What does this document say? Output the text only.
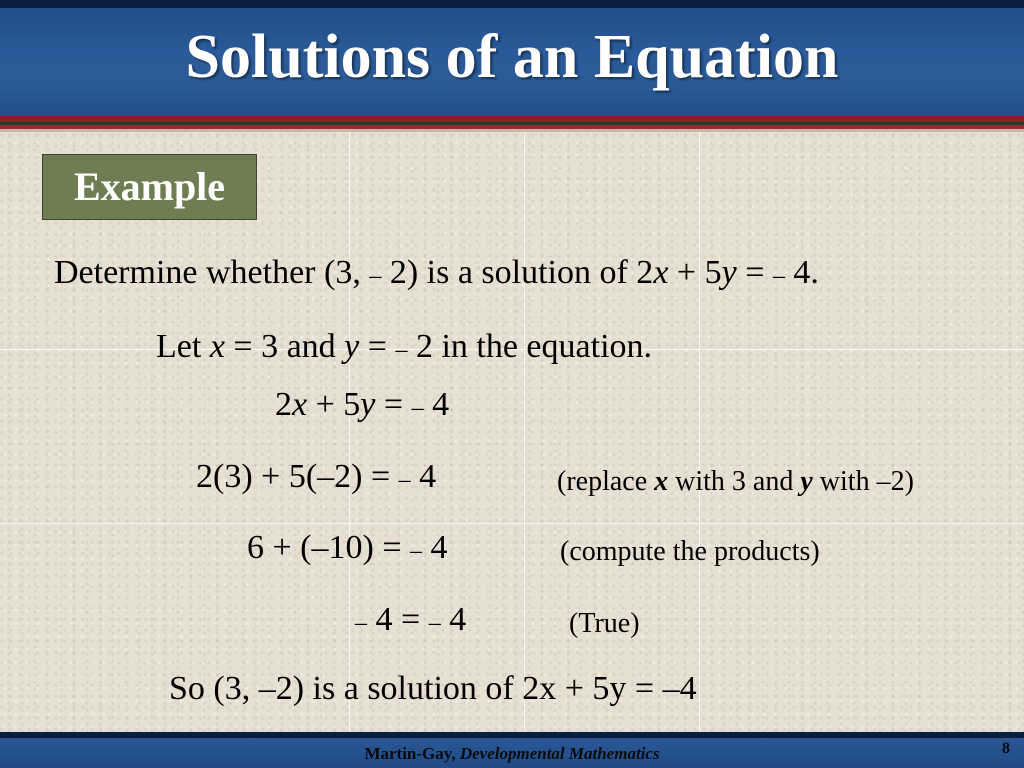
Solutions of an Equation
Example
Determine whether (3, – 2) is a solution of 2x + 5y = – 4.
Let x = 3 and y = – 2 in the equation.
2x + 5y = – 4
2(3) + 5(–2) = – 4	(replace x with 3 and y with –2)
6 + (–10) = – 4	(compute the products)
– 4 = – 4	(True)
So (3, –2) is a solution of 2x + 5y = –4
Martin-Gay, Developmental Mathematics	8
